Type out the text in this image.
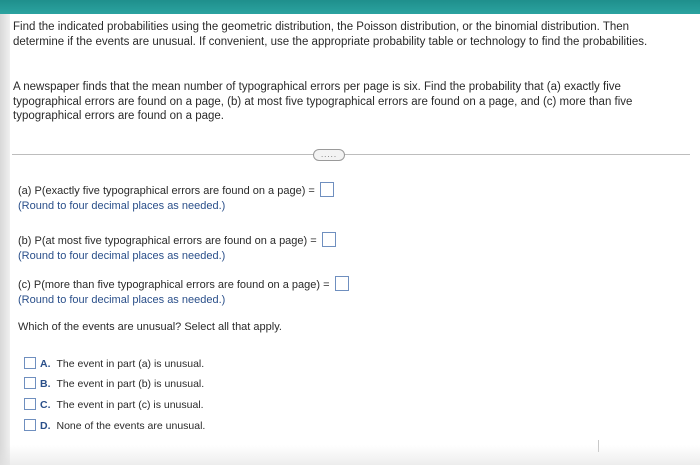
Find the indicated probabilities using the geometric distribution, the Poisson distribution, or the binomial distribution. Then determine if the events are unusual. If convenient, use the appropriate probability table or technology to find the probabilities.
A newspaper finds that the mean number of typographical errors per page is six. Find the probability that (a) exactly five typographical errors are found on a page, (b) at most five typographical errors are found on a page, and (c) more than five typographical errors are found on a page.
.....
(a) P(exactly five typographical errors are found on a page) =
(Round to four decimal places as needed.)
(b) P(at most five typographical errors are found on a page) =
(Round to four decimal places as needed.)
(c) P(more than five typographical errors are found on a page) =
(Round to four decimal places as needed.)
Which of the events are unusual? Select all that apply.
A. The event in part (a) is unusual.
B. The event in part (b) is unusual.
C. The event in part (c) is unusual.
D. None of the events are unusual.
